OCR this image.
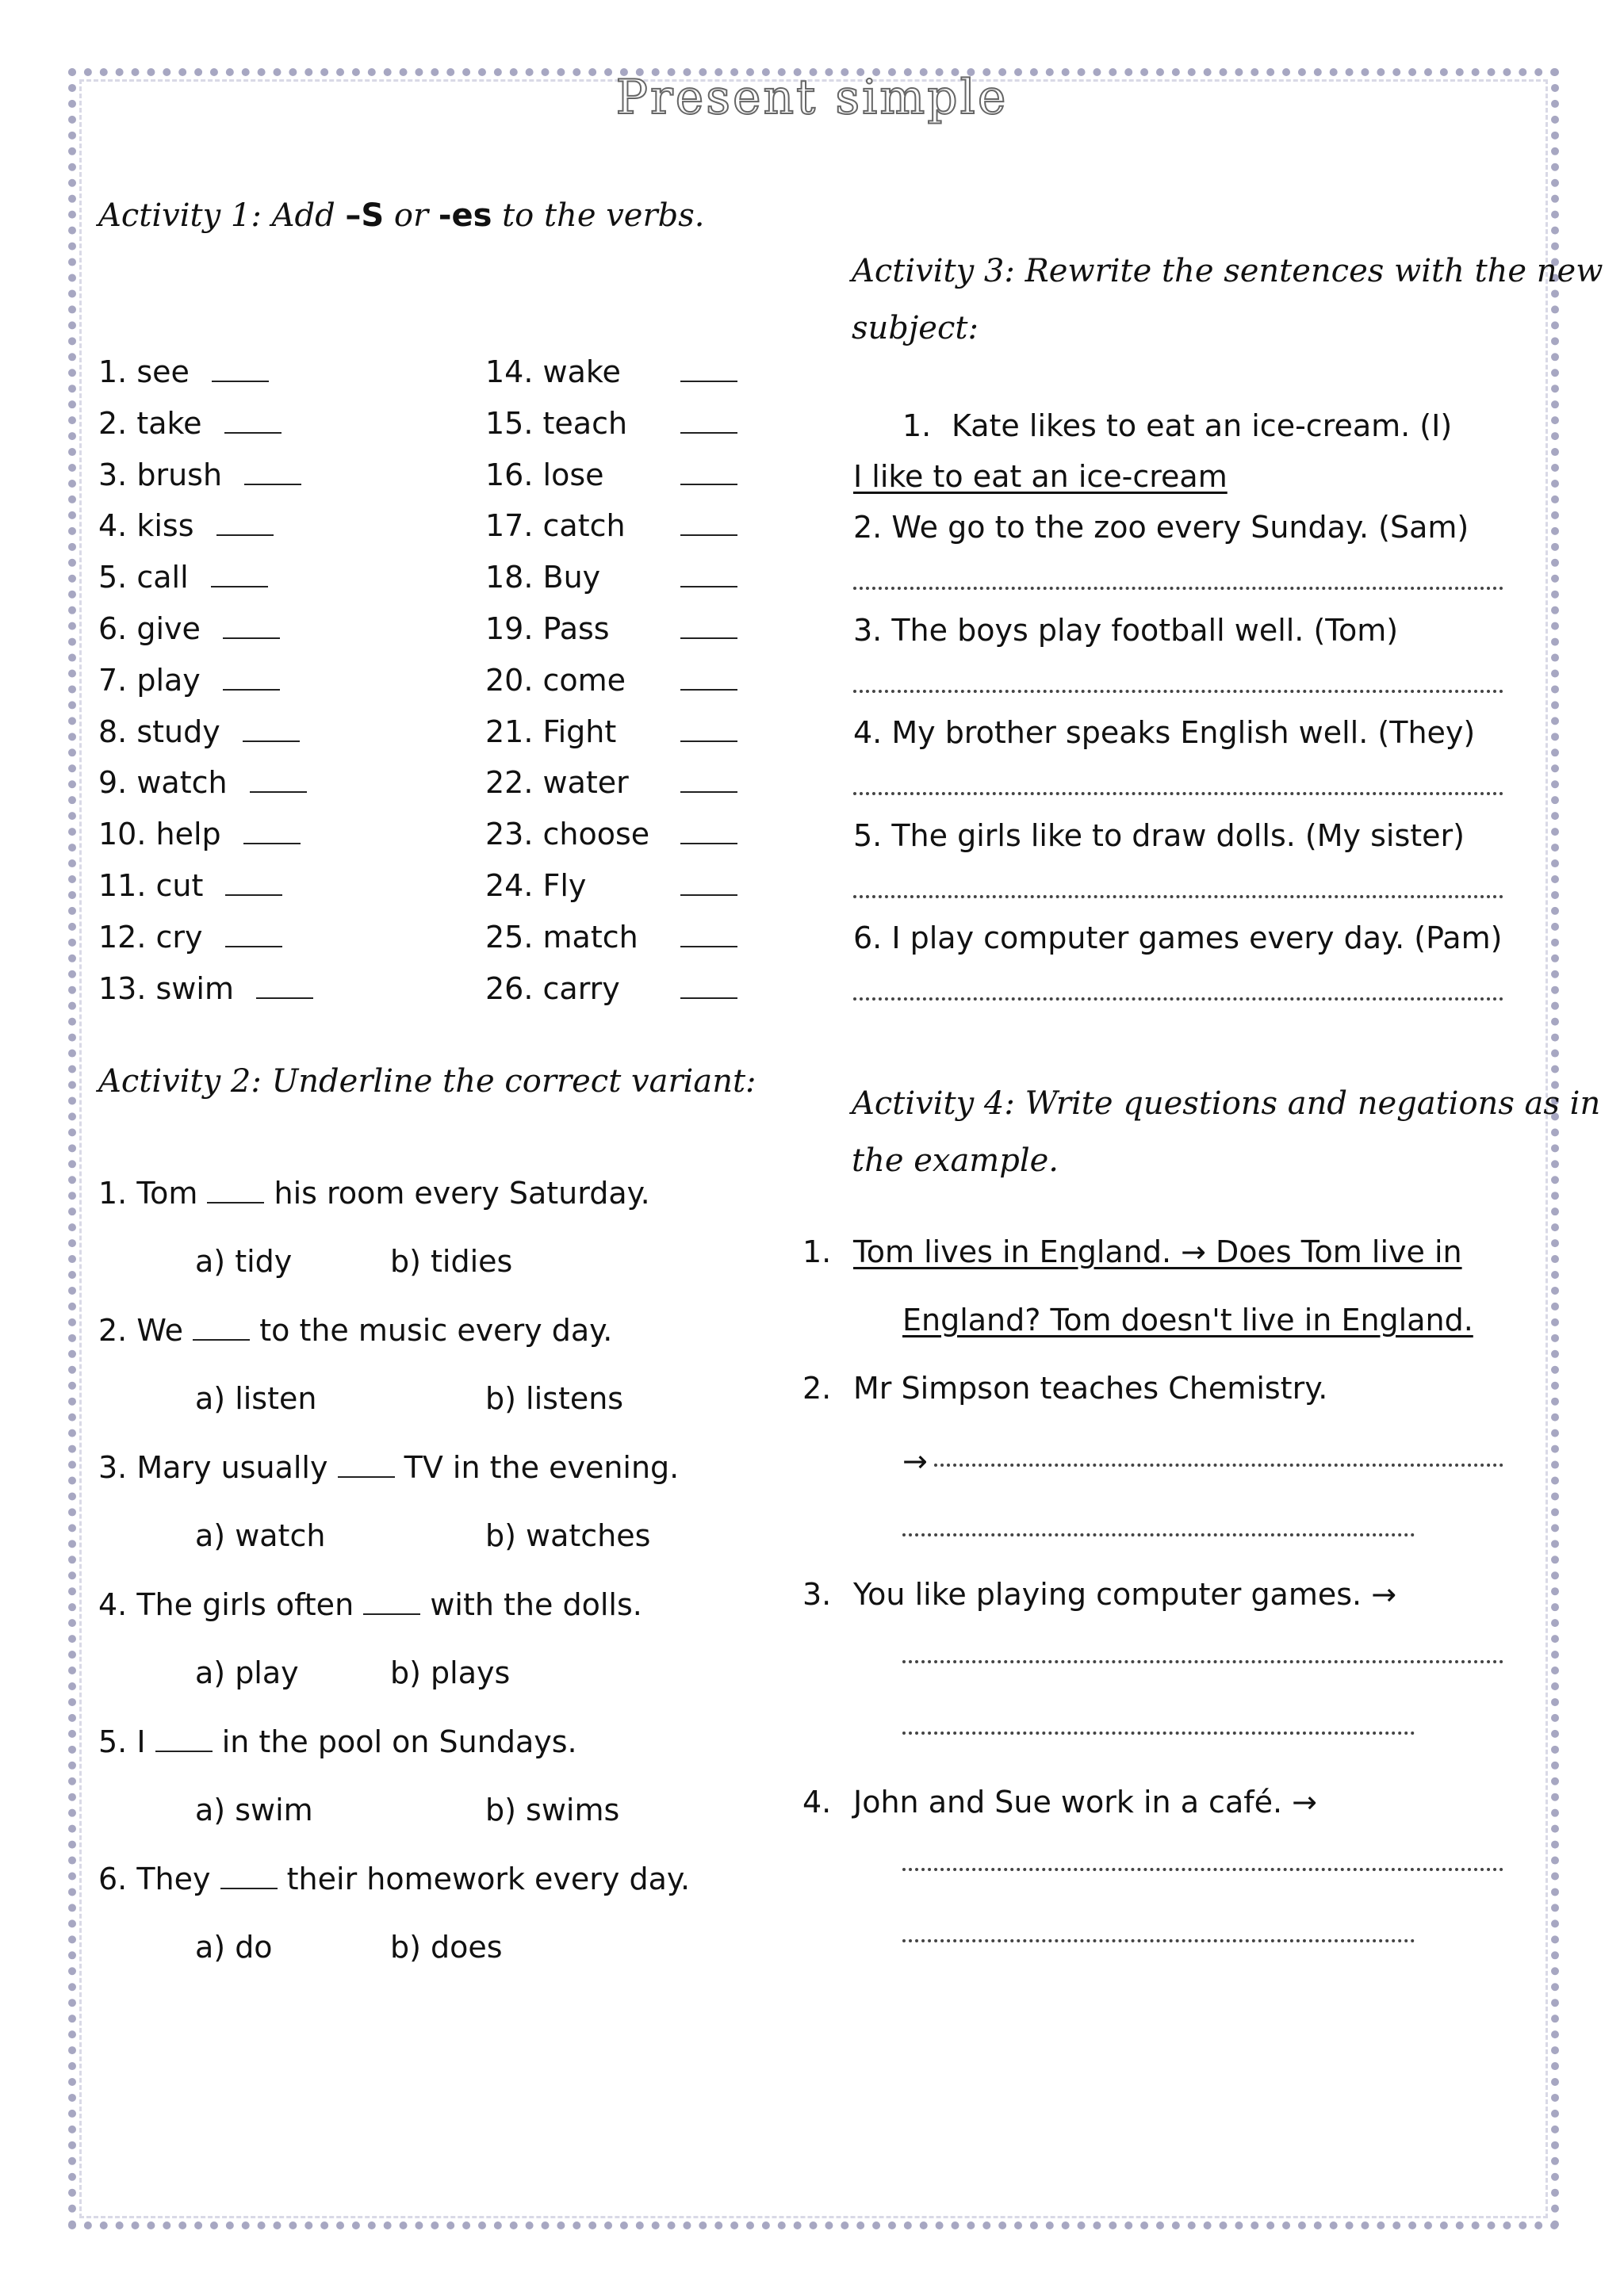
Present simple
Activity 1: Add –S or -es to the verbs.
1. see
2. take
3. brush
4. kiss
5. call
6. give
7. play
8. study
9. watch
10. help
11. cut
12. cry
13. swim
14. wake
15. teach
16. lose
17. catch
18. Buy
19. Pass
20. come
21. Fight
22. water
23. choose
24. Fly
25. match
26. carry
Activity 2: Underline the correct variant:
1. Tom  his room every Saturday.
a) tidy	b) tidies
2. We  to the music every day.
a) listen	b) listens
3. Mary usually  TV in the evening.
a) watch	b) watches
4. The girls often  with the dolls.
a) play	b) plays
5. I  in the pool on Sundays.
a) swim	b) swims
6. They  their homework every day.
a) do	b) does
Activity 3: Rewrite the sentences with the new
subject:
1. Kate likes to eat an ice-cream. (I)
I like to eat an ice-cream
2. We go to the zoo every Sunday. (Sam)
3. The boys play football well. (Tom)
4. My brother speaks English well. (They)
5. The girls like to draw dolls. (My sister)
6. I play computer games every day. (Pam)
Activity 4: Write questions and negations as in
the example.
1. Tom lives in England. → Does Tom live in
England? Tom doesn't live in England.
2. Mr Simpson teaches Chemistry.
→
3. You like playing computer games. →
4. John and Sue work in a café. →
